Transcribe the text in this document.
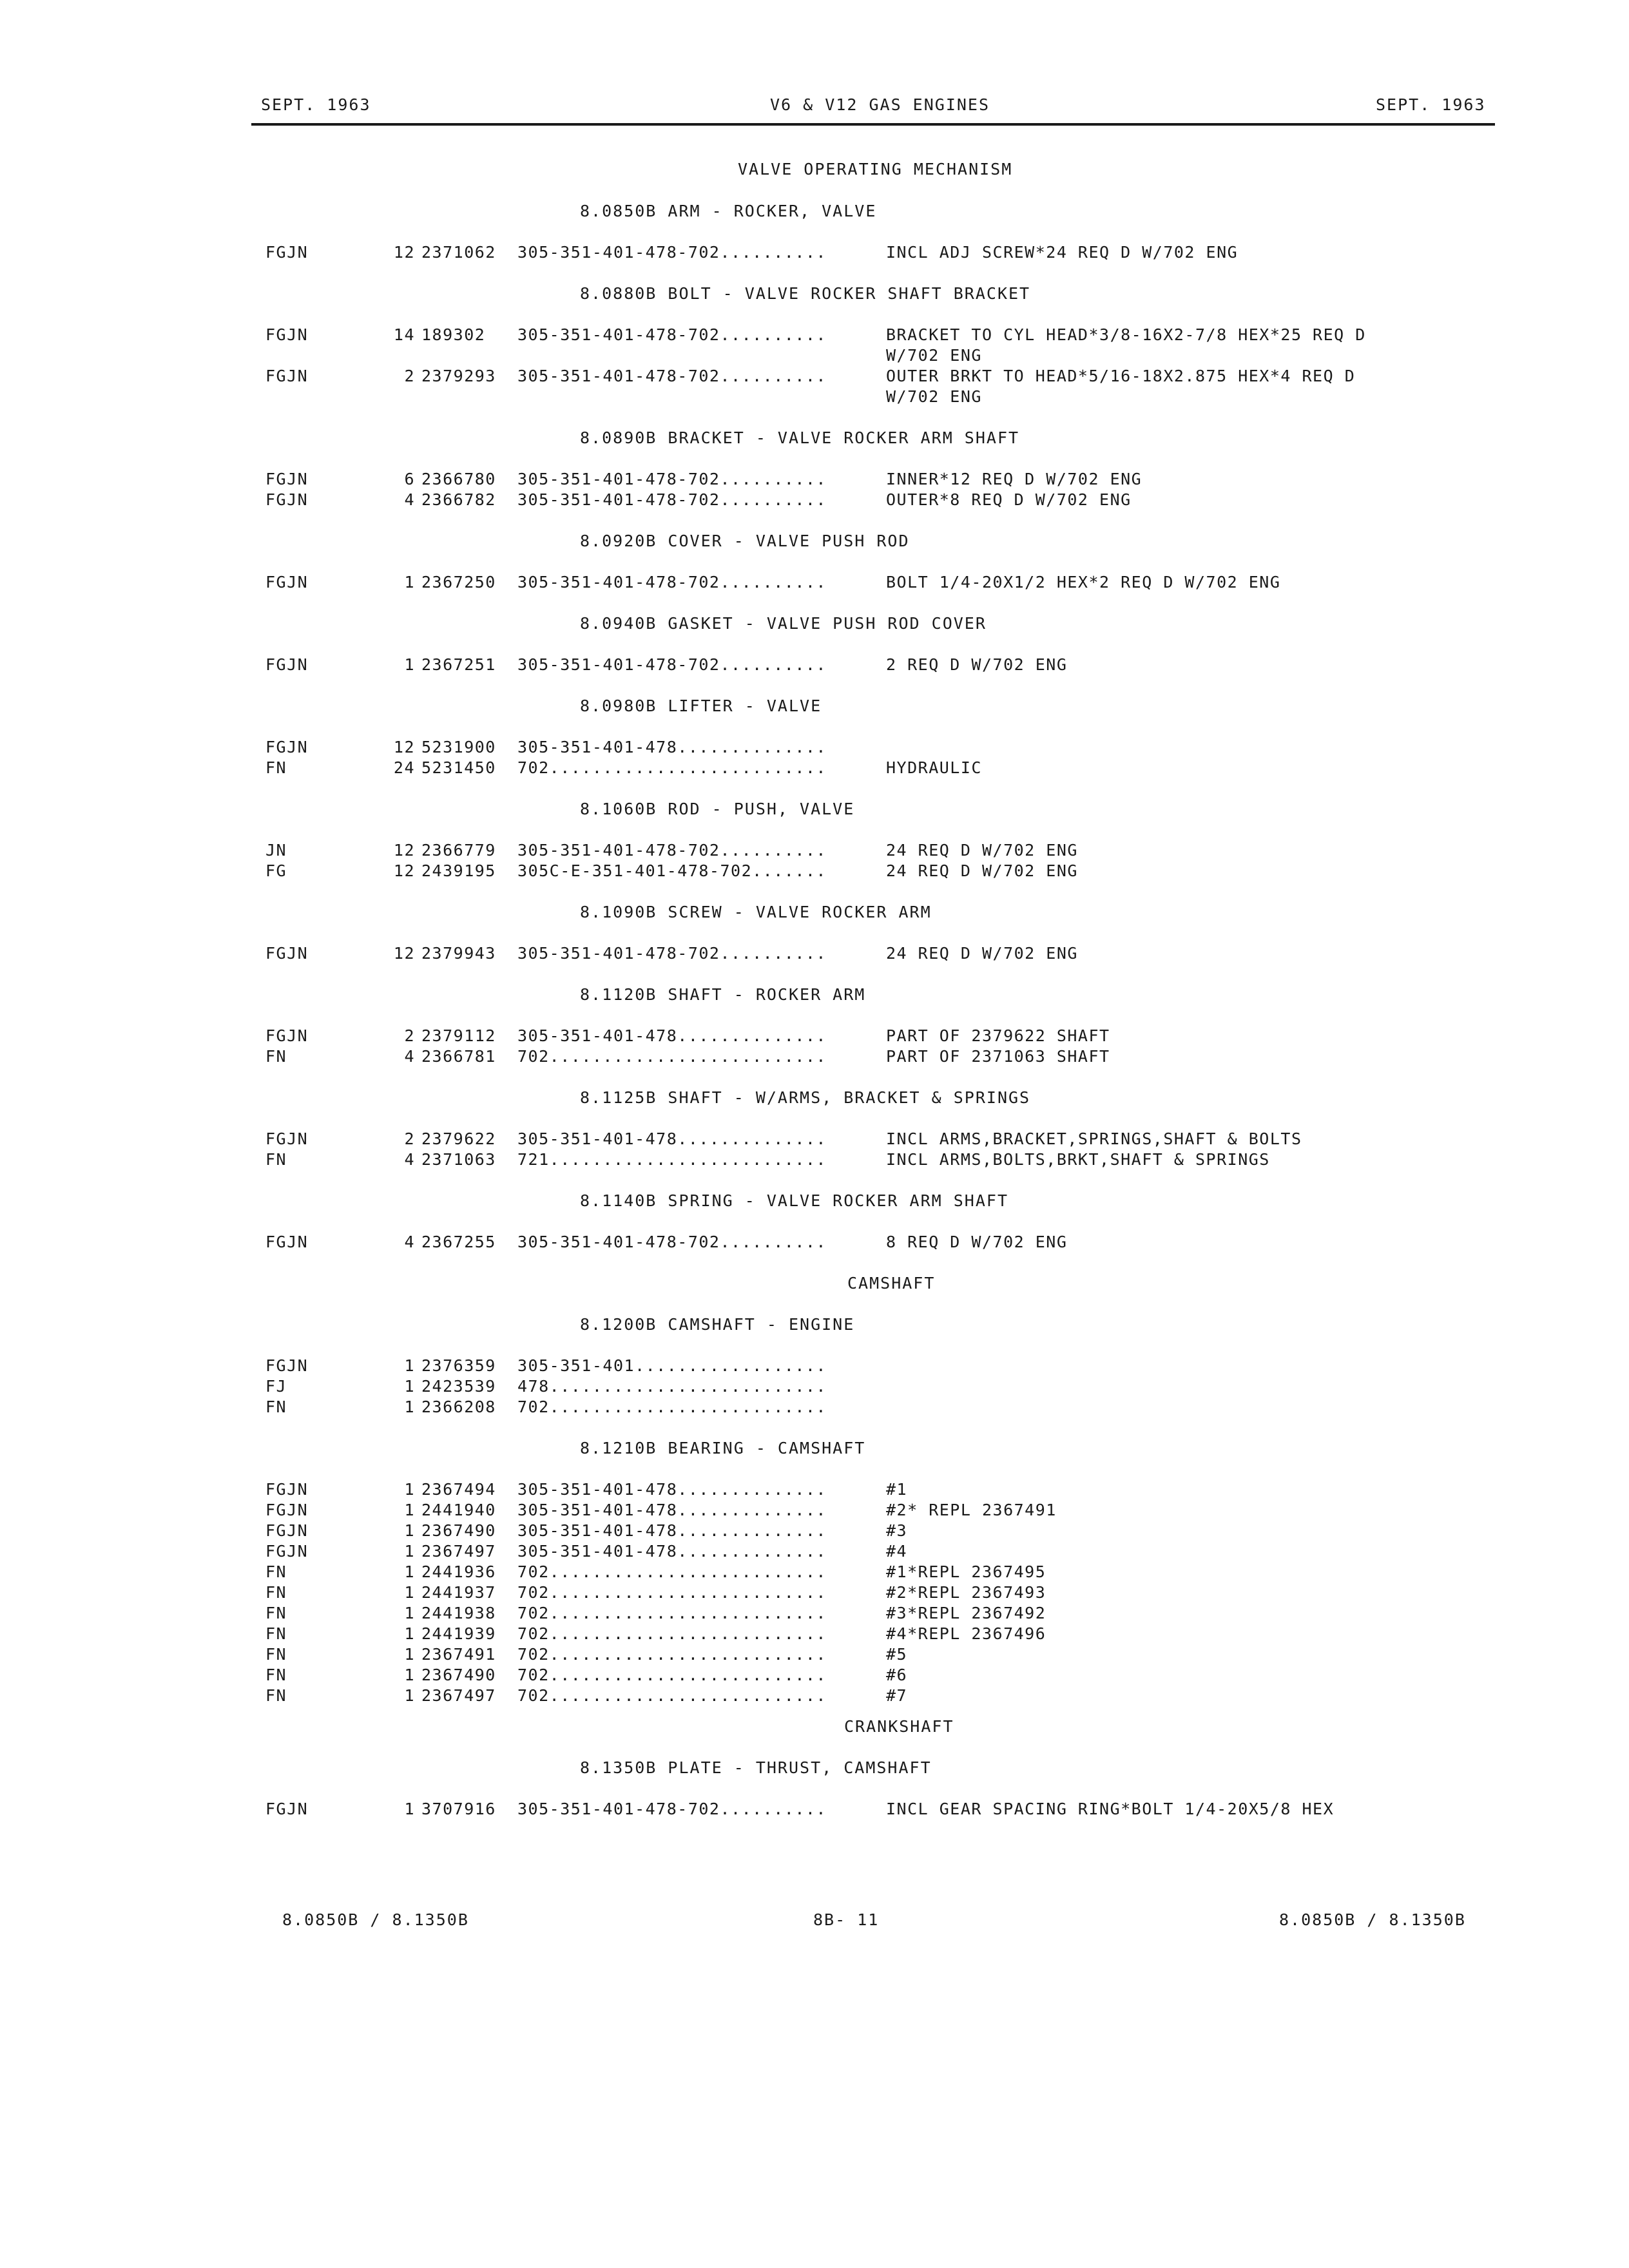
SEPT. 1963	V6 & V12 GAS ENGINES	SEPT. 1963
VALVE OPERATING MECHANISM
8.0850B ARM - ROCKER, VALVE
FGJN	12 2371062 305-351-401-478-702..........	INCL ADJ SCREW*24 REQ D W/702 ENG
8.0880B BOLT - VALVE ROCKER SHAFT BRACKET
FGJN	14 189302 305-351-401-478-702..........	BRACKET TO CYL HEAD*3/8-16X2-7/8 HEX*25 REQ D
W/702 ENG
FGJN	2 2379293 305-351-401-478-702..........	OUTER BRKT TO HEAD*5/16-18X2.875 HEX*4 REQ D
W/702 ENG
8.0890B BRACKET - VALVE ROCKER ARM SHAFT
FGJN	6 2366780 305-351-401-478-702..........	INNER*12 REQ D W/702 ENG
FGJN	4 2366782 305-351-401-478-702..........	OUTER*8 REQ D W/702 ENG
8.0920B COVER - VALVE PUSH ROD
FGJN	1 2367250 305-351-401-478-702..........	BOLT 1/4-20X1/2 HEX*2 REQ D W/702 ENG
8.0940B GASKET - VALVE PUSH ROD COVER
FGJN	1 2367251 305-351-401-478-702..........	2 REQ D W/702 ENG
8.0980B LIFTER - VALVE
FGJN	12 5231900 305-351-401-478..............
FN	24 5231450 702..........................	HYDRAULIC
8.1060B ROD - PUSH, VALVE
JN	12 2366779 305-351-401-478-702..........	24 REQ D W/702 ENG
FG	12 2439195 305C-E-351-401-478-702.......	24 REQ D W/702 ENG
8.1090B SCREW - VALVE ROCKER ARM
FGJN	12 2379943 305-351-401-478-702..........	24 REQ D W/702 ENG
8.1120B SHAFT - ROCKER ARM
FGJN	2 2379112 305-351-401-478..............	PART OF 2379622 SHAFT
FN	4 2366781 702..........................	PART OF 2371063 SHAFT
8.1125B SHAFT - W/ARMS, BRACKET & SPRINGS
FGJN	2 2379622 305-351-401-478..............	INCL ARMS,BRACKET,SPRINGS,SHAFT & BOLTS
FN	4 2371063 721..........................	INCL ARMS,BOLTS,BRKT,SHAFT & SPRINGS
8.1140B SPRING - VALVE ROCKER ARM SHAFT
FGJN	4 2367255 305-351-401-478-702..........	8 REQ D W/702 ENG
CAMSHAFT
8.1200B CAMSHAFT - ENGINE
FGJN	1 2376359 305-351-401..................
FJ	1 2423539 478..........................
FN	1 2366208 702..........................
8.1210B BEARING - CAMSHAFT
FGJN	1 2367494 305-351-401-478..............	#1
FGJN	1 2441940 305-351-401-478..............	#2* REPL 2367491
FGJN	1 2367490 305-351-401-478..............	#3
FGJN	1 2367497 305-351-401-478..............	#4
FN	1 2441936 702..........................	#1*REPL 2367495
FN	1 2441937 702..........................	#2*REPL 2367493
FN	1 2441938 702..........................	#3*REPL 2367492
FN	1 2441939 702..........................	#4*REPL 2367496
FN	1 2367491 702..........................	#5
FN	1 2367490 702..........................	#6
FN	1 2367497 702..........................	#7
CRANKSHAFT
8.1350B PLATE - THRUST, CAMSHAFT
FGJN	1 3707916 305-351-401-478-702..........	INCL GEAR SPACING RING*BOLT 1/4-20X5/8 HEX
8.0850B / 8.1350B	8B- 11	8.0850B / 8.1350B
